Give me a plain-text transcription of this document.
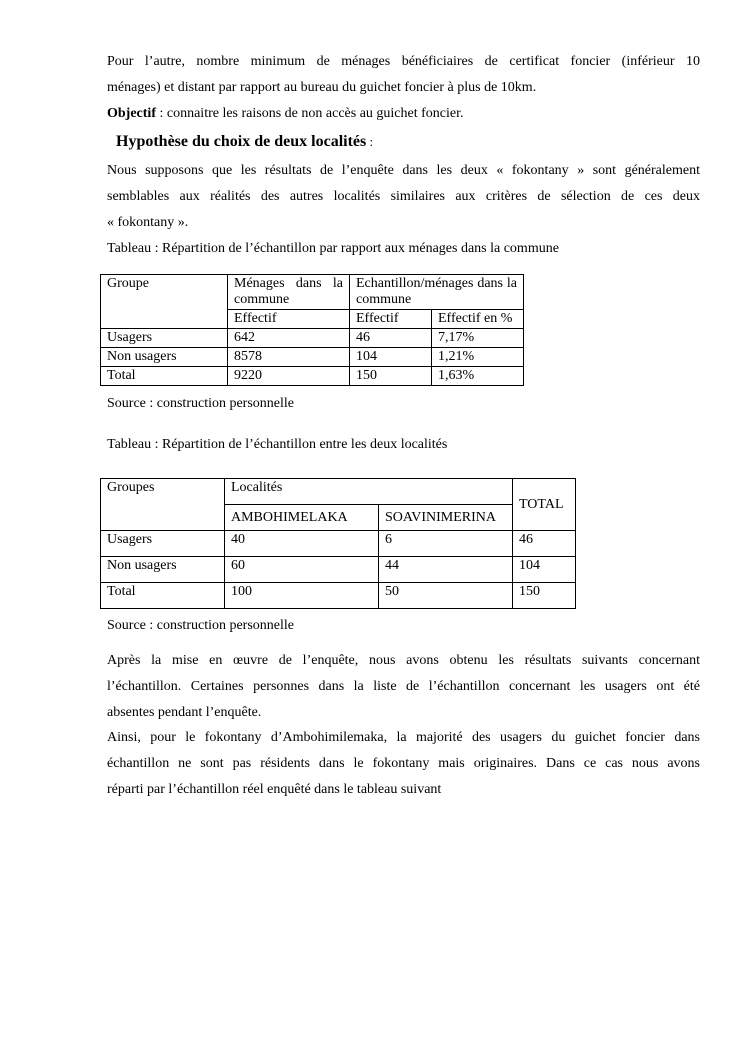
Pour l’autre, nombre minimum de ménages bénéficiaires de certificat foncier (inférieur 10

ménages) et distant par rapport au bureau du guichet foncier à plus de 10km.

Objectif : connaitre les raisons de non accès au guichet foncier.

Hypothèse du choix de deux localités :

Nous supposons que les résultats de l’enquête dans les deux « fokontany » sont généralement

semblables aux réalités des autres localités similaires aux critères de sélection de ces deux

« fokontany ».

Tableau : Répartition de l’échantillon par rapport aux ménages dans la commune

Groupe	Ménages dans la commune	Echantillon/ménages dans la commune	
	Effectif	Effectif	Effectif en %
Usagers	642	46	7,17%
Non usagers	8578	104	1,21%
Total	9220	150	1,63%
Source : construction personnelle
Tableau : Répartition de l’échantillon entre les deux localités
Groupes	Localités		TOTAL
	AMBOHIMELAKA	SOAVINIMERINA	
Usagers	40	6	46
Non usagers	60	44	104
Total	100	50	150
Source : construction personnelle

Après la mise en œuvre de l’enquête, nous avons obtenu les résultats suivants concernant

l’échantillon. Certaines personnes dans la liste de l’échantillon concernant les usagers ont été

absentes pendant l’enquête.

Ainsi, pour le fokontany d’Ambohimilemaka, la majorité des usagers du guichet foncier dans

échantillon ne sont pas résidents dans le fokontany mais originaires. Dans ce cas nous avons

réparti par l’échantillon réel enquêté dans le tableau suivant
